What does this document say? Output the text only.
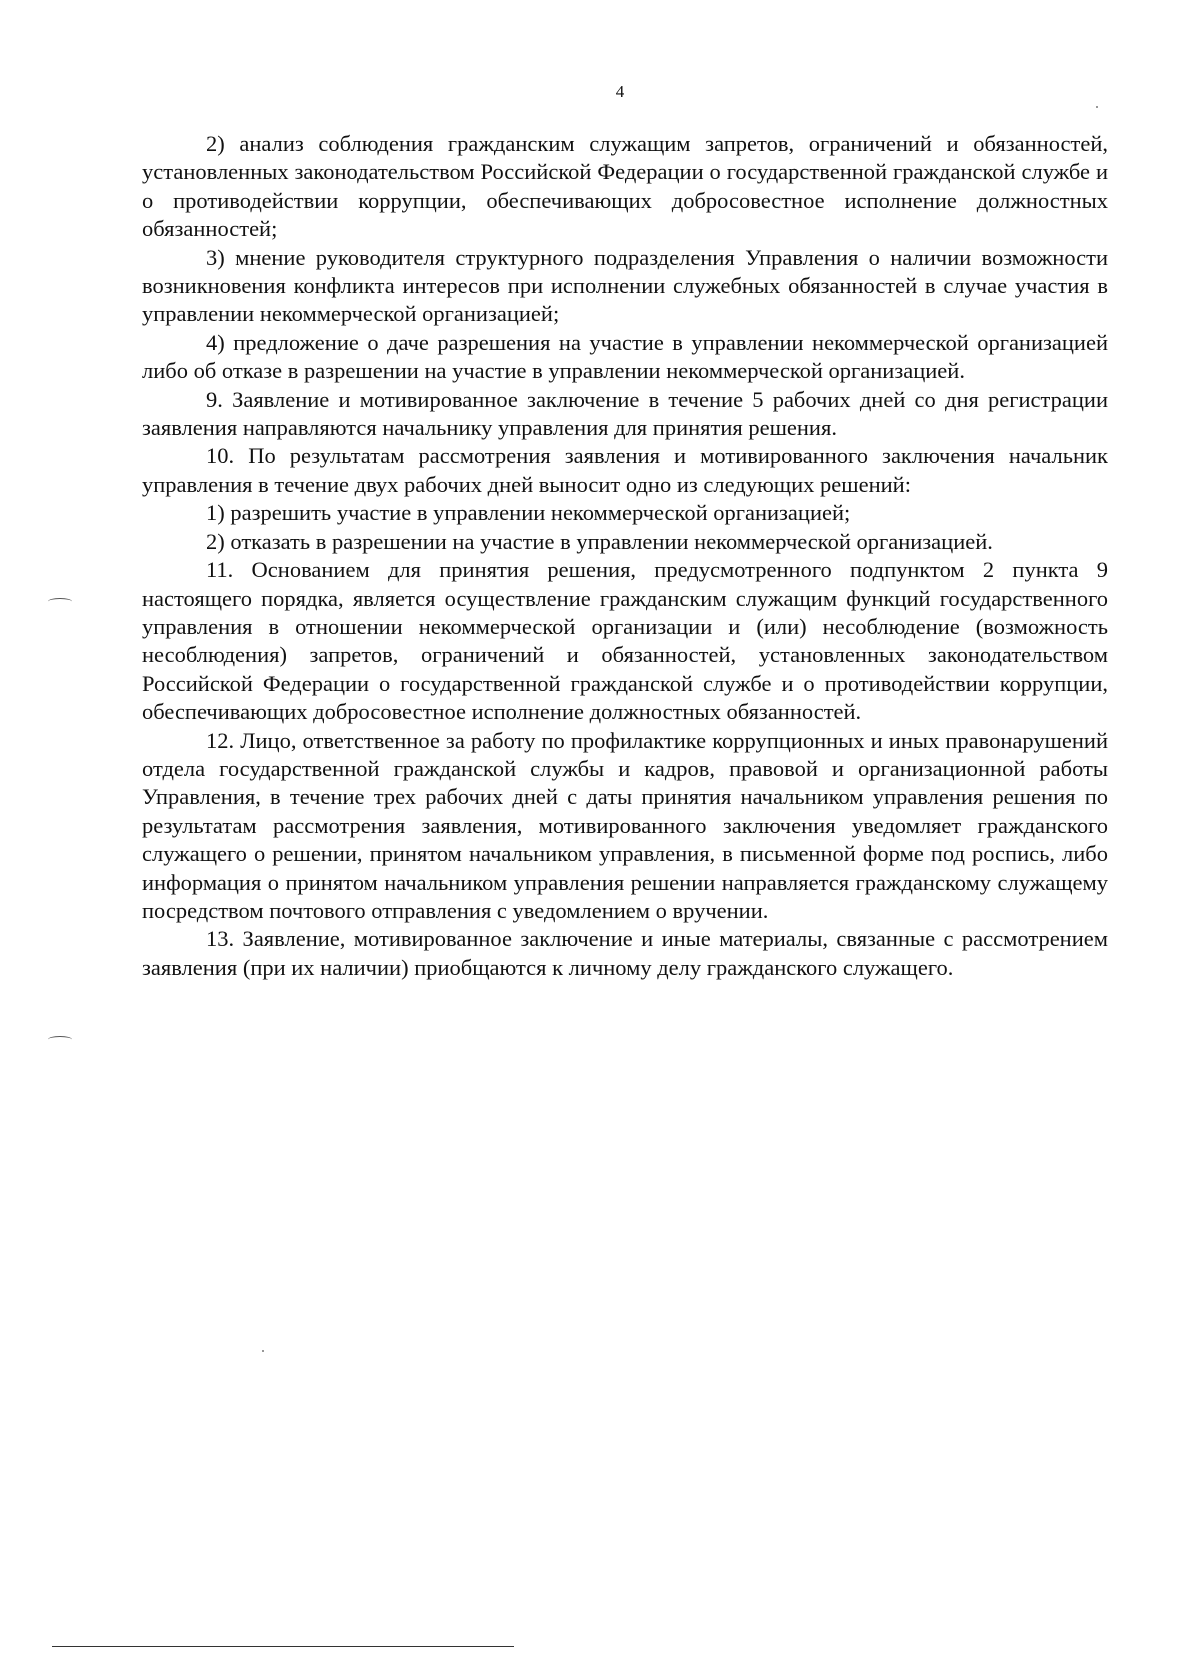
4

2) анализ соблюдения гражданским служащим запретов, ограничений и обязанностей, установленных законодательством Российской Федерации о государственной гражданской службе и о противодействии коррупции, обеспечивающих добросовестное исполнение должностных обязанностей;

3) мнение руководителя структурного подразделения Управления о наличии возможности возникновения конфликта интересов при исполнении служебных обязанностей в случае участия в управлении некоммерческой организацией;

4) предложение о даче разрешения на участие в управлении некоммерческой организацией либо об отказе в разрешении на участие в управлении некоммерческой организацией.

9. Заявление и мотивированное заключение в течение 5 рабочих дней со дня регистрации заявления направляются начальнику управления для принятия решения.

10. По результатам рассмотрения заявления и мотивированного заключения начальник управления в течение двух рабочих дней выносит одно из следующих решений:

1) разрешить участие в управлении некоммерческой организацией;

2) отказать в разрешении на участие в управлении некоммерческой организацией.

11. Основанием для принятия решения, предусмотренного подпунктом 2 пункта 9 настоящего порядка, является осуществление гражданским служащим функций государственного управления в отношении некоммерческой организации и (или) несоблюдение (возможность несоблюдения) запретов, ограничений и обязанностей, установленных законодательством Российской Федерации о государственной гражданской службе и о противодействии коррупции, обеспечивающих добросовестное исполнение должностных обязанностей.

12. Лицо, ответственное за работу по профилактике коррупционных и иных правонарушений отдела государственной гражданской службы и кадров, правовой и организационной работы Управления, в течение трех рабочих дней с даты принятия начальником управления решения по результатам рассмотрения заявления, мотивированного заключения уведомляет гражданского служащего о решении, принятом начальником управления, в письменной форме под роспись, либо информация о принятом начальником управления решении направляется гражданскому служащему посредством почтового отправления с уведомлением о вручении.

13. Заявление, мотивированное заключение и иные материалы, связанные с рассмотрением заявления (при их наличии) приобщаются к личному делу гражданского служащего.
